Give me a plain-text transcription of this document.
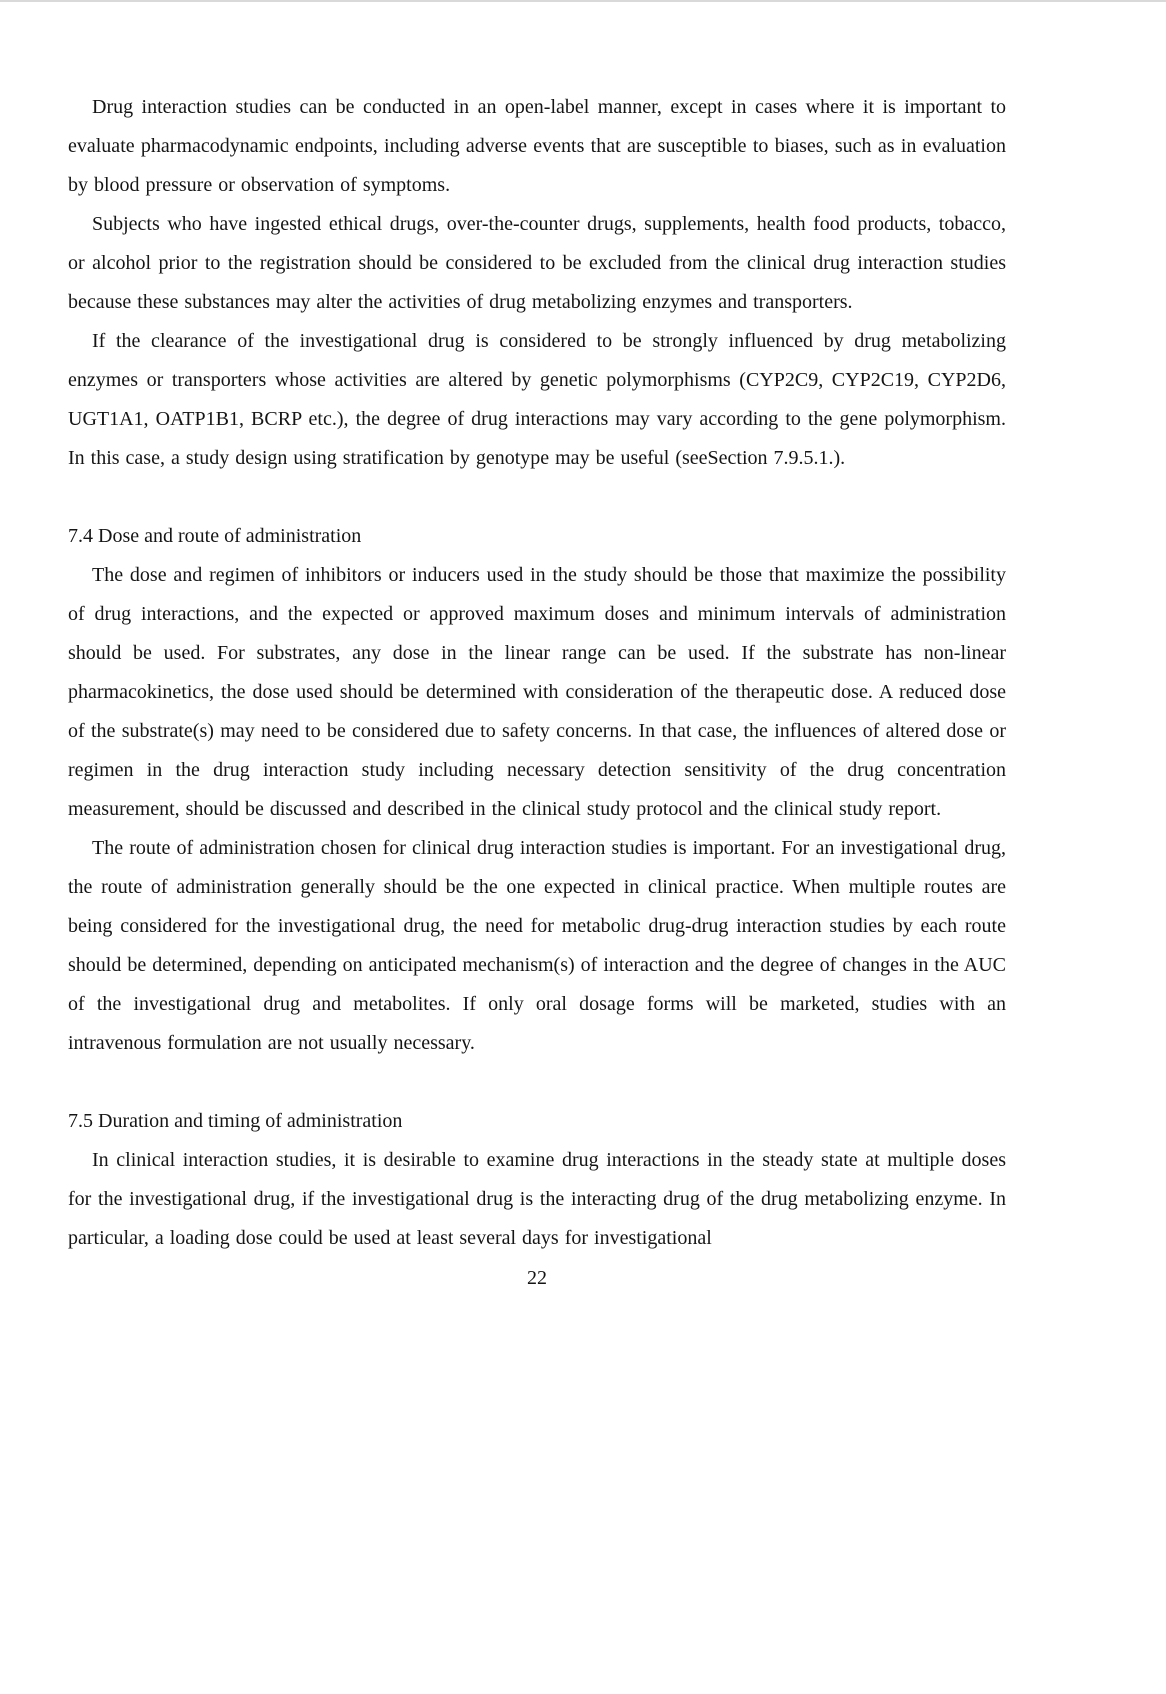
Drug interaction studies can be conducted in an open-label manner, except in cases where it is important to evaluate pharmacodynamic endpoints, including adverse events that are susceptible to biases, such as in evaluation by blood pressure or observation of symptoms.

Subjects who have ingested ethical drugs, over-the-counter drugs, supplements, health food products, tobacco, or alcohol prior to the registration should be considered to be excluded from the clinical drug interaction studies because these substances may alter the activities of drug metabolizing enzymes and transporters.

If the clearance of the investigational drug is considered to be strongly influenced by drug metabolizing enzymes or transporters whose activities are altered by genetic polymorphisms (CYP2C9, CYP2C19, CYP2D6, UGT1A1, OATP1B1, BCRP etc.), the degree of drug interactions may vary according to the gene polymorphism. In this case, a study design using stratification by genotype may be useful (seeSection 7.9.5.1.).

7.4 Dose and route of administration

The dose and regimen of inhibitors or inducers used in the study should be those that maximize the possibility of drug interactions, and the expected or approved maximum doses and minimum intervals of administration should be used. For substrates, any dose in the linear range can be used. If the substrate has non-linear pharmacokinetics, the dose used should be determined with consideration of the therapeutic dose. A reduced dose of the substrate(s) may need to be considered due to safety concerns. In that case, the influences of altered dose or regimen in the drug interaction study including necessary detection sensitivity of the drug concentration measurement, should be discussed and described in the clinical study protocol and the clinical study report.

The route of administration chosen for clinical drug interaction studies is important. For an investigational drug, the route of administration generally should be the one expected in clinical practice. When multiple routes are being considered for the investigational drug, the need for metabolic drug-drug interaction studies by each route should be determined, depending on anticipated mechanism(s) of interaction and the degree of changes in the AUC of the investigational drug and metabolites. If only oral dosage forms will be marketed, studies with an intravenous formulation are not usually necessary.

7.5 Duration and timing of administration

In clinical interaction studies, it is desirable to examine drug interactions in the steady state at multiple doses for the investigational drug, if the investigational drug is the interacting drug of the drug metabolizing enzyme. In particular, a loading dose could be used at least several days for investigational

22
